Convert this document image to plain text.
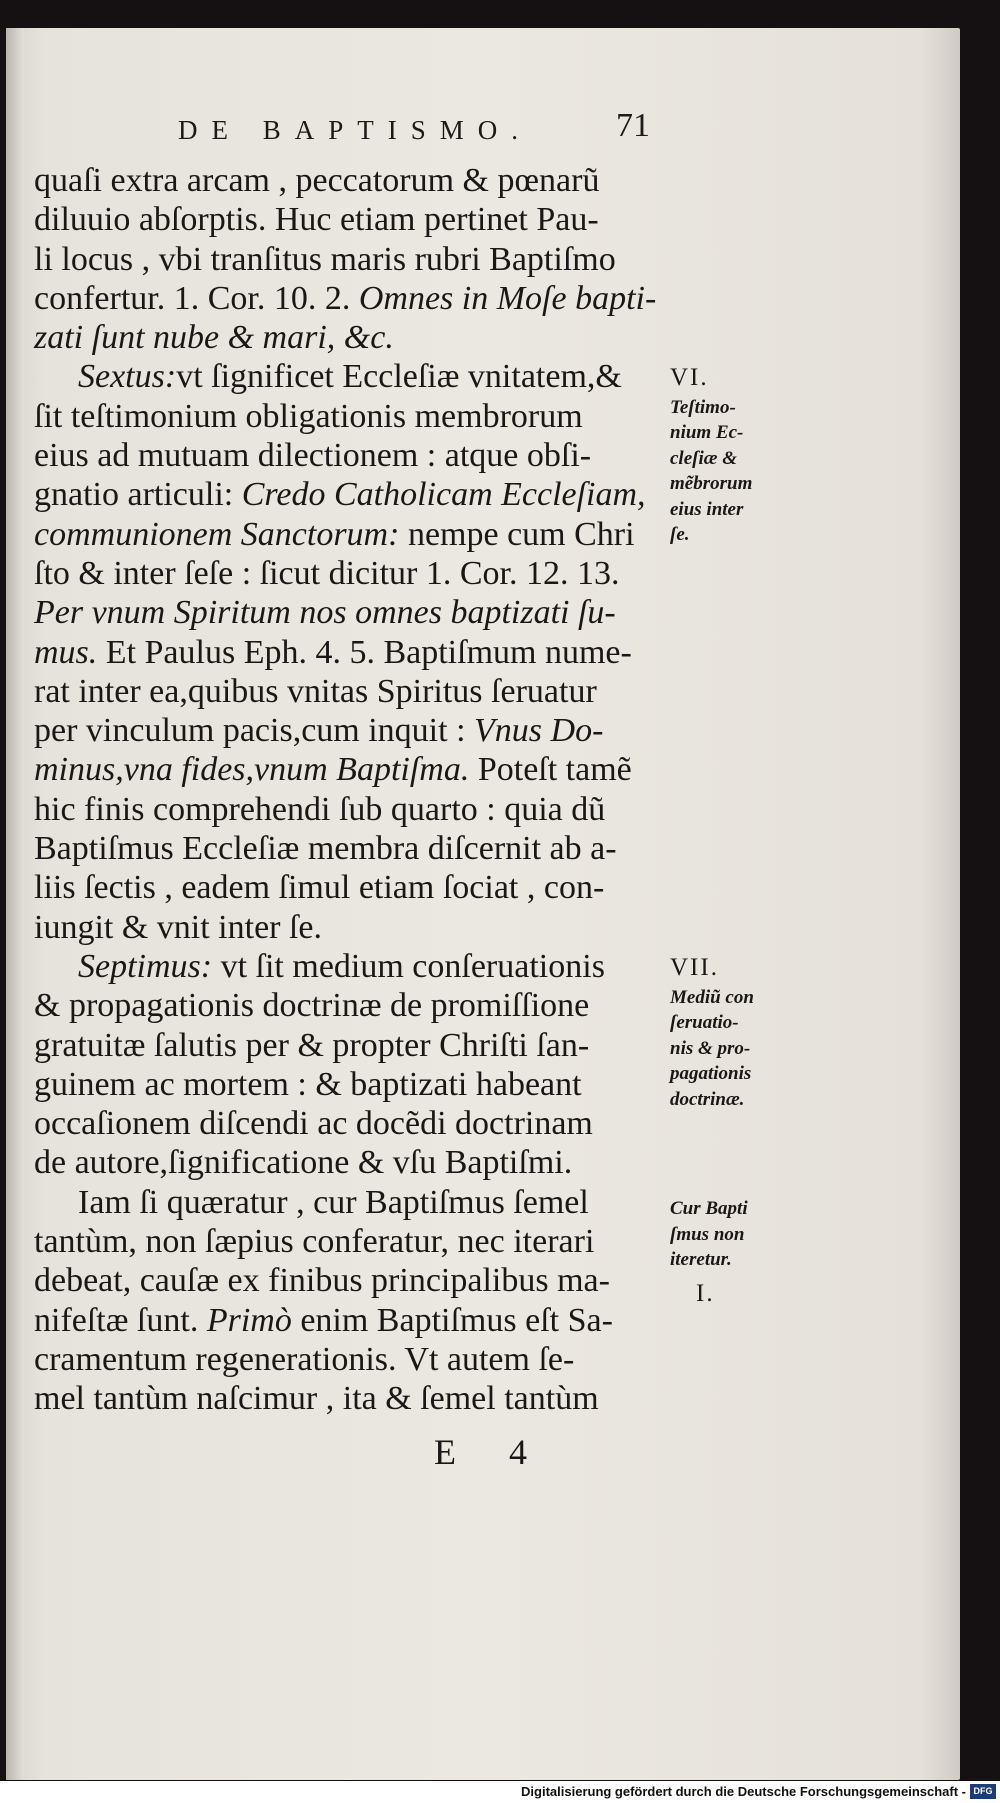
DE BAPTISMO. 71
quaſi extra arcam , peccatorum & pœnarũ
diluuio abſorptis. Huc etiam pertinet Pau-
li locus , vbi tranſitus maris rubri Baptiſmo
confertur. 1. Cor. 10. 2. Omnes in Moſe bapti-
zati ſunt nube & mari, &c.
Sextus:vt ſignificet Eccleſiæ vnitatem,&
ſit teſtimonium obligationis membrorum
eius ad mutuam dilectionem : atque obſi-
gnatio articuli: Credo Catholicam Eccleſiam,
communionem Sanctorum: nempe cum Chri
ſto & inter ſeſe : ſicut dicitur 1. Cor. 12. 13.
Per vnum Spiritum nos omnes baptizati ſu-
mus. Et Paulus Eph. 4. 5. Baptiſmum nume-
rat inter ea,quibus vnitas Spiritus ſeruatur
per vinculum pacis,cum inquit : Vnus Do-
minus,vna fides,vnum Baptiſma. Poteſt tamẽ
hic finis comprehendi ſub quarto : quia dũ
Baptiſmus Eccleſiæ membra diſcernit ab a-
liis ſectis , eadem ſimul etiam ſociat , con-
iungit & vnit inter ſe.
Septimus: vt ſit medium conſeruationis
& propagationis doctrinæ de promiſſione
gratuitæ ſalutis per & propter Chriſti ſan-
guinem ac mortem : & baptizati habeant
occaſionem diſcendi ac docẽdi doctrinam
de autore,ſignificatione & vſu Baptiſmi.
Iam ſi quæratur , cur Baptiſmus ſemel
tantùm, non ſæpius conferatur, nec iterari
debeat, cauſæ ex finibus principalibus ma-
nifeſtæ ſunt. Primò enim Baptiſmus eſt Sa-
cramentum regenerationis. Vt autem ſe-
mel tantùm naſcimur , ita & ſemel tantùm
VI.
Teſtimo-
nium Ec-
cleſiæ &
mẽbrorum
eius inter
ſe.
VII.
Mediũ con
ſeruatio-
nis & pro-
pagationis
doctrinæ.
Cur Bapti
ſmus non
iteretur.
I.
E 4
Digitalisierung gefördert durch die Deutsche Forschungsgemeinschaft - DFG
